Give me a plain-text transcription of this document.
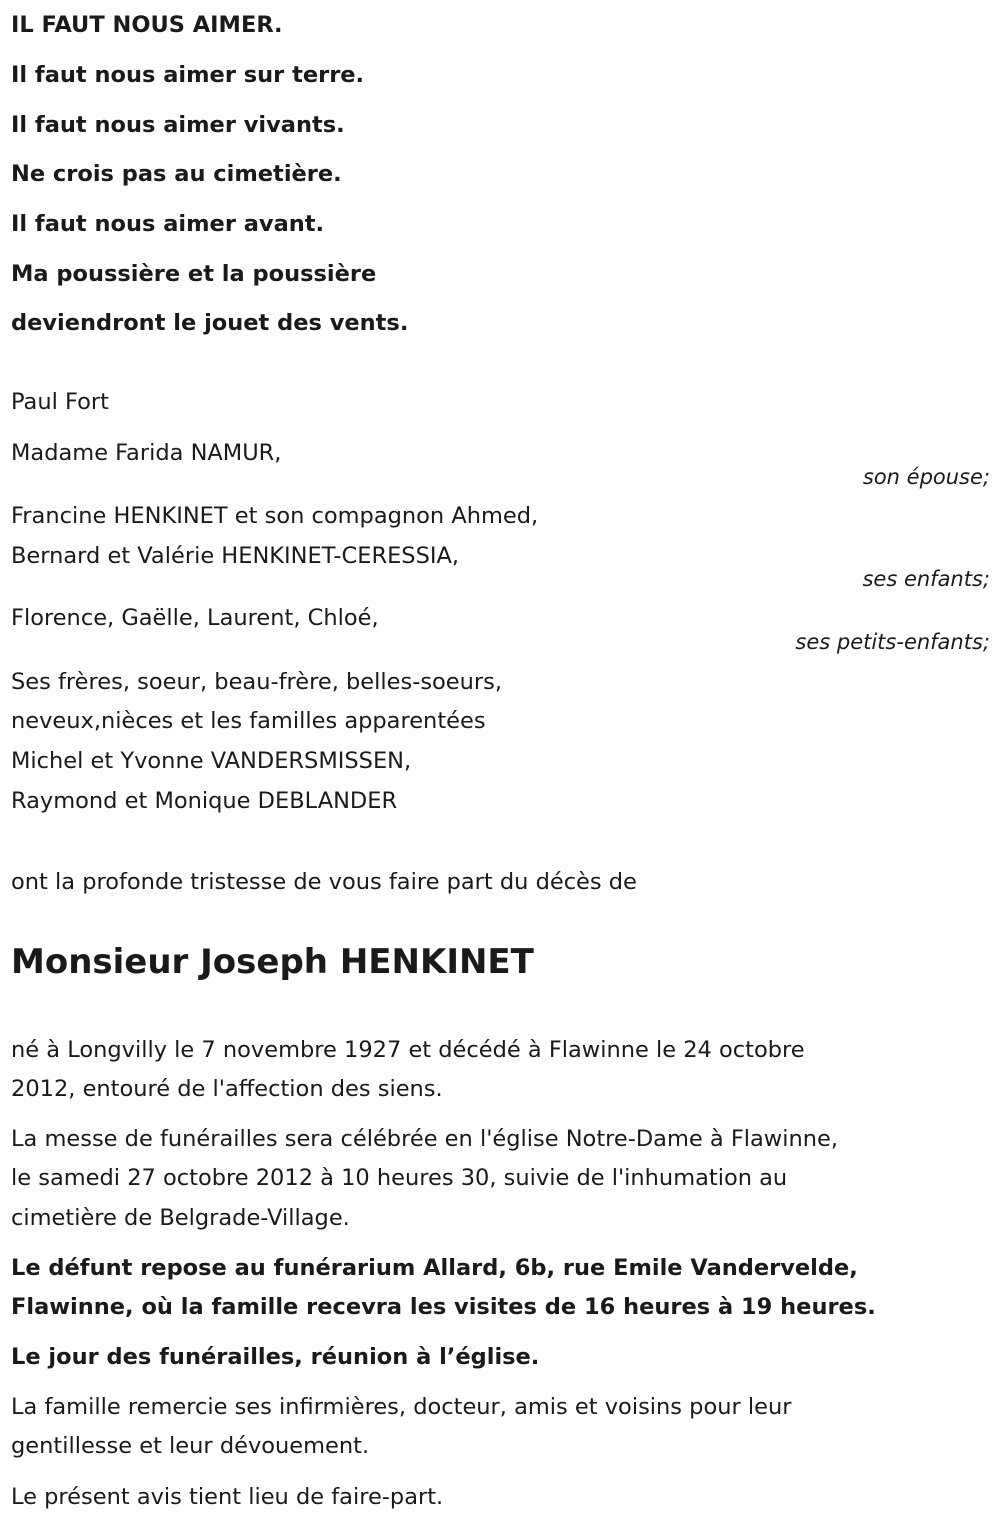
IL FAUT NOUS AIMER.
Il faut nous aimer sur terre.
Il faut nous aimer vivants.
Ne crois pas au cimetière.
Il faut nous aimer avant.
Ma poussière et la poussière
deviendront le jouet des vents.
Paul Fort
Madame Farida NAMUR,
son épouse;
Francine HENKINET et son compagnon Ahmed,
Bernard et Valérie HENKINET-CERESSIA,
ses enfants;
Florence, Gaëlle, Laurent, Chloé,
ses petits-enfants;
Ses frères, soeur, beau-frère, belles-soeurs,
neveux,nièces et les familles apparentées
Michel et Yvonne VANDERSMISSEN,
Raymond et Monique DEBLANDER
ont la profonde tristesse de vous faire part du décès de
Monsieur Joseph HENKINET
né à Longvilly le 7 novembre 1927 et décédé à Flawinne le 24 octobre
2012, entouré de l'affection des siens.
La messe de funérailles sera célébrée en l'église Notre-Dame à Flawinne,
le samedi 27 octobre 2012 à 10 heures 30, suivie de l'inhumation au
cimetière de Belgrade-Village.
Le défunt repose au funérarium Allard, 6b, rue Emile Vandervelde,
Flawinne, où la famille recevra les visites de 16 heures à 19 heures.
Le jour des funérailles, réunion à l’église.
La famille remercie ses infirmières, docteur, amis et voisins pour leur
gentillesse et leur dévouement.
Le présent avis tient lieu de faire-part.
